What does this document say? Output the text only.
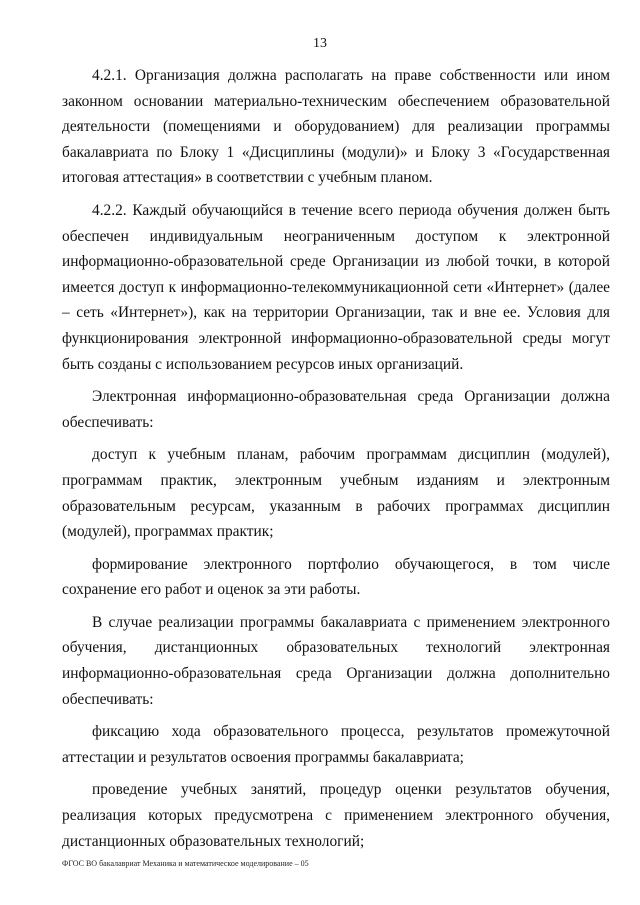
13

4.2.1. Организация должна располагать на праве собственности или ином законном основании материально-техническим обеспечением образовательной деятельности (помещениями и оборудованием) для реализации программы бакалавриата по Блоку 1 «Дисциплины (модули)» и Блоку 3 «Государственная итоговая аттестация» в соответствии с учебным планом.

4.2.2. Каждый обучающийся в течение всего периода обучения должен быть обеспечен индивидуальным неограниченным доступом к электронной информационно-образовательной среде Организации из любой точки, в которой имеется доступ к информационно-телекоммуникационной сети «Интернет» (далее – сеть «Интернет»), как на территории Организации, так и вне ее. Условия для функционирования электронной информационно-образовательной среды могут быть созданы с использованием ресурсов иных организаций.

Электронная информационно-образовательная среда Организации должна обеспечивать:

доступ к учебным планам, рабочим программам дисциплин (модулей), программам практик, электронным учебным изданиям и электронным образовательным ресурсам, указанным в рабочих программах дисциплин (модулей), программах практик;

формирование электронного портфолио обучающегося, в том числе сохранение его работ и оценок за эти работы.

В случае реализации программы бакалавриата с применением электронного обучения, дистанционных образовательных технологий электронная информационно-образовательная среда Организации должна дополнительно обеспечивать:

фиксацию хода образовательного процесса, результатов промежуточной аттестации и результатов освоения программы бакалавриата;

проведение учебных занятий, процедур оценки результатов обучения, реализация которых предусмотрена с применением электронного обучения, дистанционных образовательных технологий;

ФГОС ВО бакалавриат Механика и математическое моделирование – 05
